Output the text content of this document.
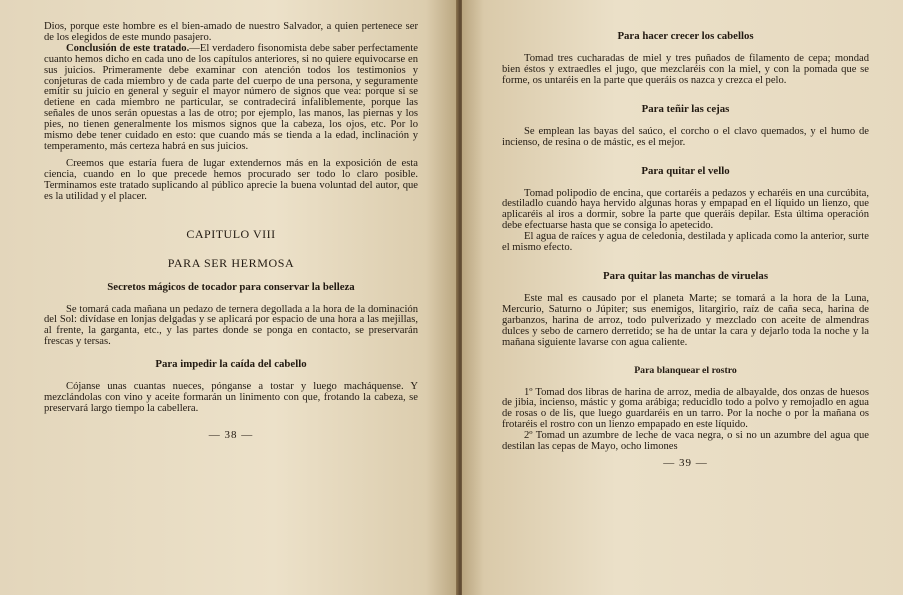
Dios, porque este hombre es el bien-amado de nuestro Salvador, a quien pertenece ser de los elegidos de este mundo pasajero.

Conclusión de este tratado.—El verdadero fisonomista debe saber perfectamente cuanto hemos dicho en cada uno de los capítulos anteriores, si no quiere equivocarse en sus juicios. Primeramente debe examinar con atención todos los testimonios y conjeturas de cada miembro y de cada parte del cuerpo de una persona, y seguramente emitir su juicio en general y seguir el mayor número de signos que vea: porque si se detiene en cada miembro ne particular, se contradecirá infaliblemente, porque las señales de unos serán opuestas a las de otro; por ejemplo, las manos, las piernas y los pies, no tienen generalmente los mismos signos que la cabeza, los ojos, etc. Por lo mismo debe tener cuidado en esto: que cuando más se tienda a la edad, inclinación y temperamento, más certeza habrá en sus juicios.

Creemos que estaría fuera de lugar extendernos más en la exposición de esta ciencia, cuando en lo que precede hemos procurado ser todo lo claro posible. Terminamos este tratado suplicando al público aprecie la buena voluntad del autor, que es la utilidad y el placer.

CAPITULO VIII
PARA SER HERMOSA
Secretos mágicos de tocador para conservar la belleza

Se tomará cada mañana un pedazo de ternera degollada a la hora de la dominación del Sol: divídase en lonjas delgadas y se aplicará por espacio de una hora a las mejillas, al frente, la garganta, etc., y las partes donde se ponga en contacto, se preservarán frescas y tersas.

Para impedir la caída del cabello

Cójanse unas cuantas nueces, pónganse a tostar y luego macháquense. Y mezclándolas con vino y aceite formarán un linimento con que, frotando la cabeza, se preservará largo tiempo la cabellera.

— 38 —
Para hacer crecer los cabellos

Tomad tres cucharadas de miel y tres puñados de filamento de cepa; mondad bien éstos y extraedles el jugo, que mezclaréis con la miel, y con la pomada que se forme, os untaréis en la parte que queráis os nazca y crezca el pelo.

Para teñir las cejas

Se emplean las bayas del saúco, el corcho o el clavo quemados, y el humo de incienso, de resina o de mástic, es el mejor.

Para quitar el vello

Tomad polipodio de encina, que cortaréis a pedazos y echaréis en una curcúbita, destiladlo cuando haya hervido algunas horas y empapad en el líquido un lienzo, que aplicaréis al iros a dormir, sobre la parte que queráis depilar. Esta última operación debe efectuarse hasta que se consiga lo apetecido.

El agua de raíces y agua de celedonia, destilada y aplicada como la anterior, surte el mismo efecto.

Para quitar las manchas de viruelas

Este mal es causado por el planeta Marte; se tomará a la hora de la Luna, Mercurio, Saturno o Júpiter; sus enemigos, litargirio, raíz de caña seca, harina de garbanzos, harina de arroz, todo pulverizado y mezclado con aceite de almendras dulces y sebo de carnero derretido; se ha de untar la cara y dejarlo toda la noche y la mañana siguiente lavarse con agua caliente.

Para blanquear el rostro

1º Tomad dos libras de harina de arroz, media de albayalde, dos onzas de huesos de jibia, incienso, mástic y goma arábiga; reducidlo todo a polvo y remojadlo en agua de rosas o de lis, que luego guardaréis en un tarro. Por la noche o por la mañana os frotaréis el rostro con un lienzo empapado en este líquido.

2º Tomad un azumbre de leche de vaca negra, o si no un azumbre del agua que destilan las cepas de Mayo, ocho limones

— 39 —
